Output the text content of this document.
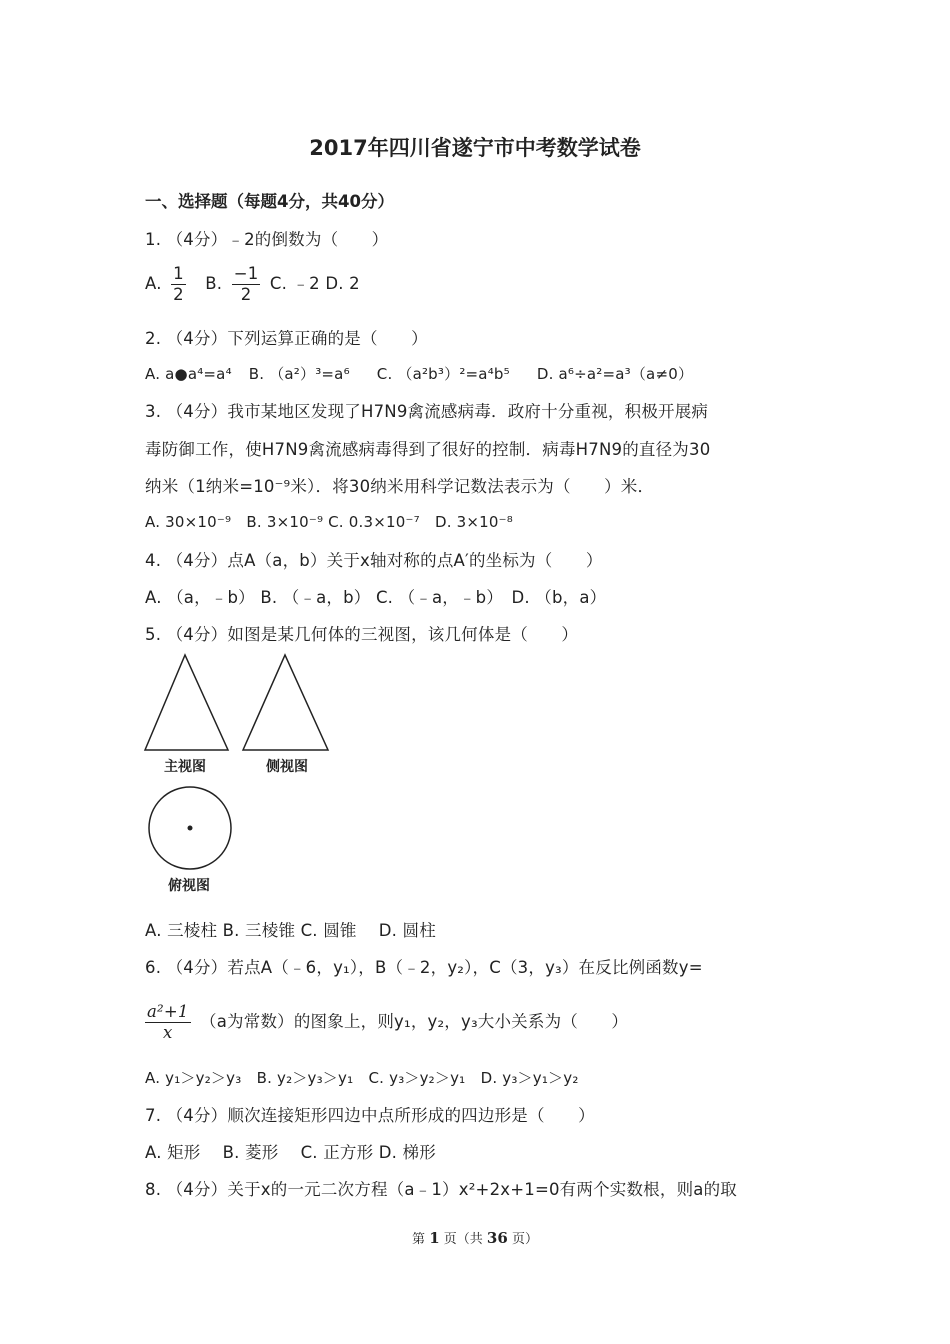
2017年四川省遂宁市中考数学试卷
一、选择题（每题4分，共40分）
1. （4分）﹣2的倒数为（　　）
A. $\frac{1}{2} B$. $\frac{-1}{2} C$. ﹣2 D. 2
2. （4分）下列运算正确的是（　　）
A. a●a⁴=a⁴ B. （a²）³=a⁶ C. （a²b³）²=a⁴b⁵ D. a⁶÷a²=a³（a≠0）
3. （4分）我市某地区发现了H7N9禽流感病毒．政府十分重视，积极开展病
毒防御工作，使H7N9禽流感病毒得到了很好的控制．病毒H7N9的直径为30
纳米（1纳米=10⁻⁹米）．将30纳米用科学记数法表示为（　　）米．
A. 30×10⁻⁹　B. 3×10⁻⁹ C. 0.3×10⁻⁷　D. 3×10⁻⁸
4. （4分）点A（a，b）关于x轴对称的点A′的坐标为（　　）
A. （a，﹣b） B. （﹣a，b） C. （﹣a，﹣b）　D. （b，a）
5. （4分）如图是某几何体的三视图，该几何体是（　　）
主视图	侧视图
俯视图
A. 三棱柱 B. 三棱锥 C. 圆锥　 D. 圆柱
6. （4分）若点A（﹣6，y₁），B（﹣2，y₂），C（3，y₃）在反比例函数y=
$\frac{\text{a²+1}}{x} (a$为常数）的图象上，则y₁，y₂，y₃大小关系为（　　）
A. y₁＞y₂＞y₃　B. y₂＞y₃＞y₁　C. y₃＞y₂＞y₁　D. y₃＞y₁＞y₂
7. （4分）顺次连接矩形四边中点所形成的四边形是（　　）
A. 矩形　 B. 菱形　 C. 正方形 D. 梯形
8. （4分）关于x的一元二次方程（a﹣1）x²+2x+1=0有两个实数根，则a的取
第 1 页（共 36 页）
